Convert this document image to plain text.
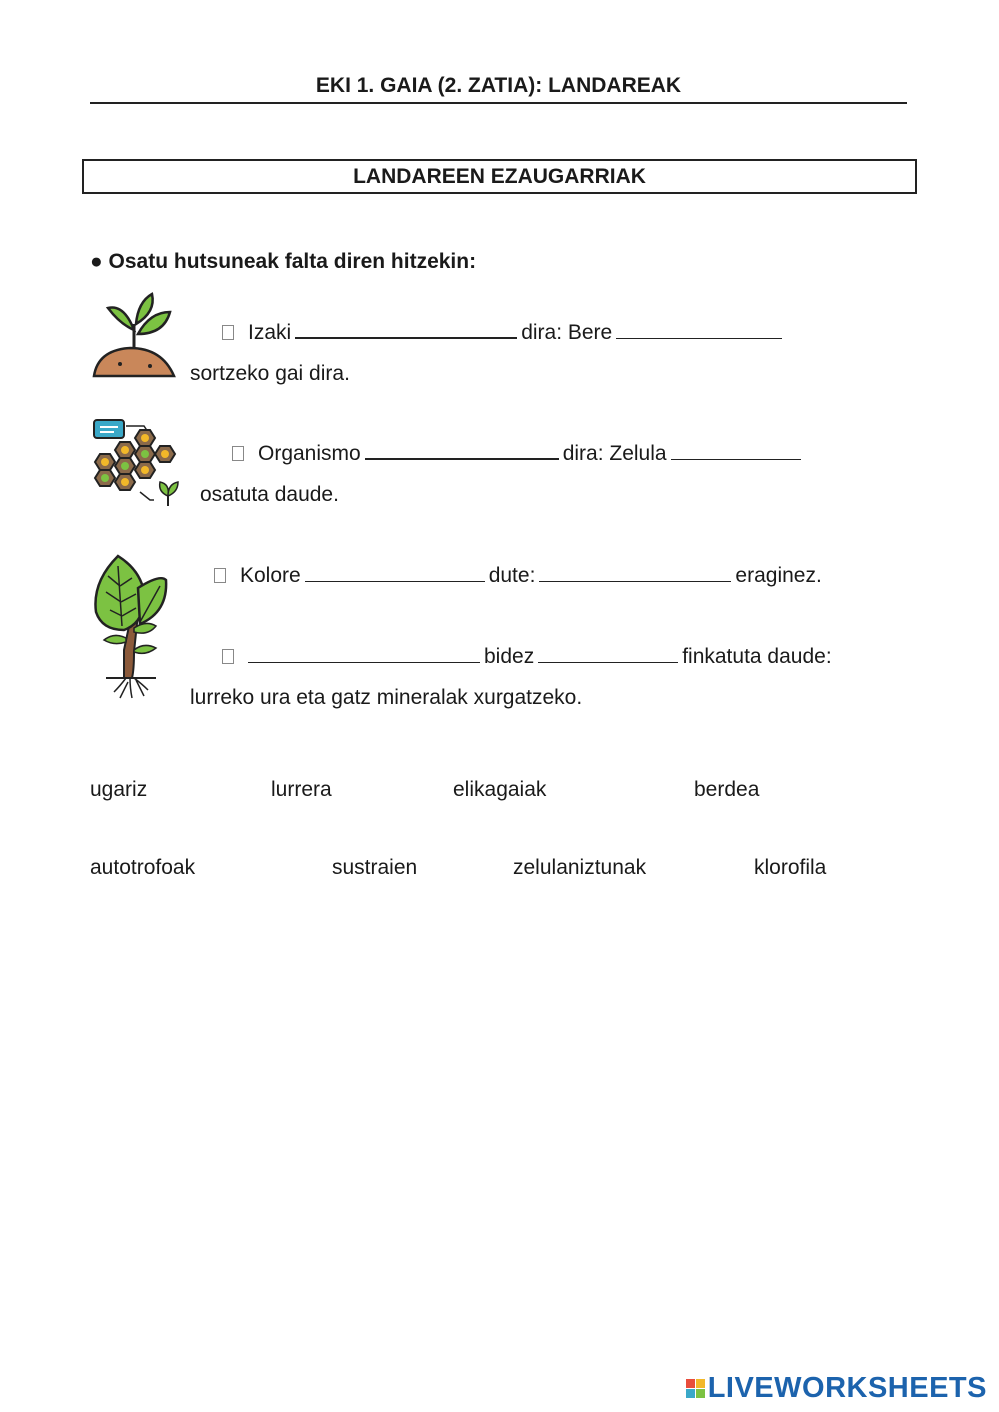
EKI 1. GAIA (2. ZATIA): LANDAREAK
LANDAREEN EZAUGARRIAK
● Osatu hutsuneak falta diren hitzekin:
Izaki	dira: Bere
sortzeko gai dira.
Organismo	dira: Zelula
osatuta daude.
Kolore	dute:	eraginez.
bidez	finkatuta daude:
lurreko ura eta gatz mineralak xurgatzeko.
ugariz	lurrera	elikagaiak	berdea
autotrofoak	sustraien	zelulaniztunak	klorofila
LIVEWORKSHEETS
